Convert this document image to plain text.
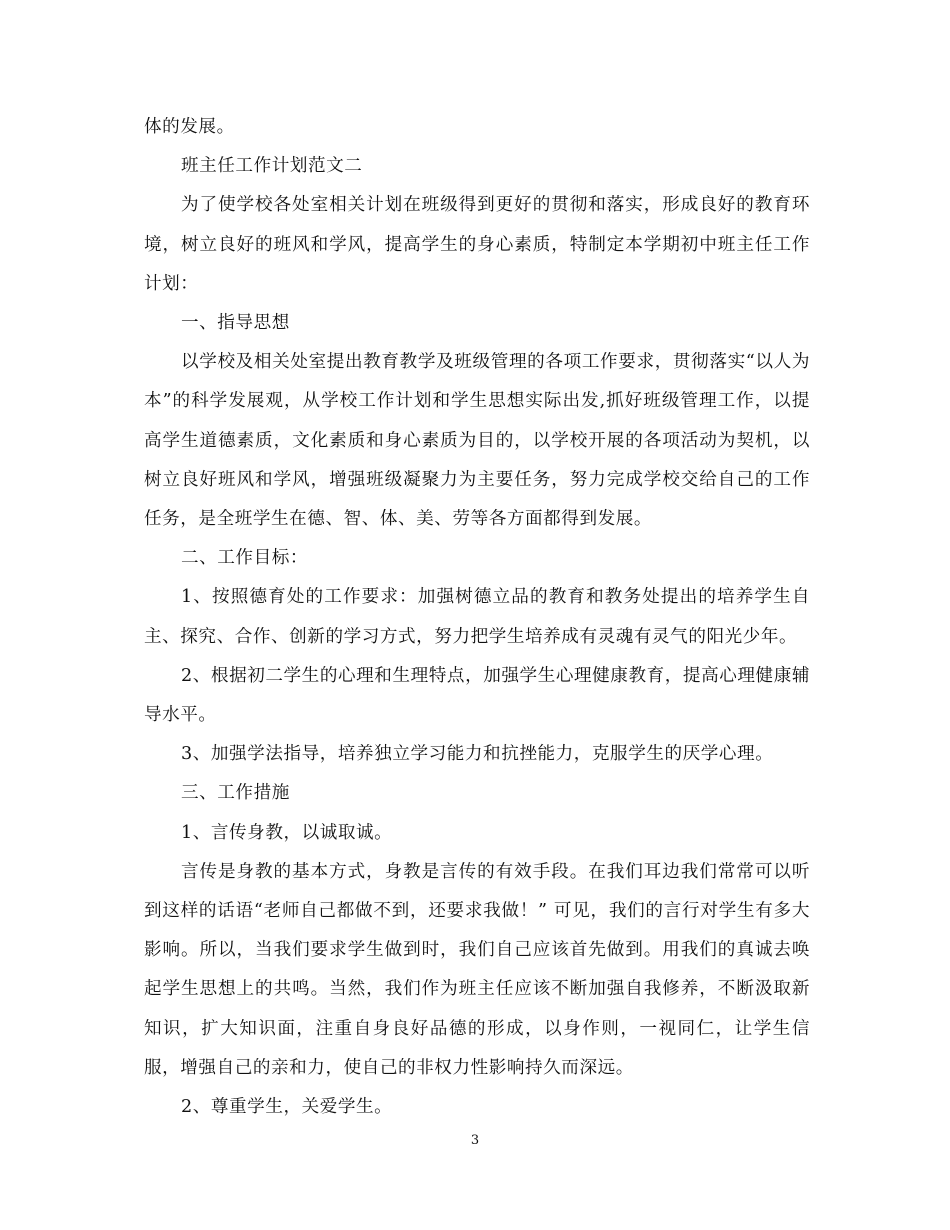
体的发展。

班主任工作计划范文二

为了使学校各处室相关计划在班级得到更好的贯彻和落实，形成良好的教育环境，树立良好的班风和学风，提高学生的身心素质，特制定本学期初中班主任工作计划：

一、指导思想

以学校及相关处室提出教育教学及班级管理的各项工作要求，贯彻落实“以人为本”的科学发展观，从学校工作计划和学生思想实际出发,抓好班级管理工作，以提高学生道德素质，文化素质和身心素质为目的，以学校开展的各项活动为契机，以树立良好班风和学风，增强班级凝聚力为主要任务，努力完成学校交给自己的工作任务，是全班学生在德、智、体、美、劳等各方面都得到发展。

二、工作目标：

1、按照德育处的工作要求：加强树德立品的教育和教务处提出的培养学生自主、探究、合作、创新的学习方式，努力把学生培养成有灵魂有灵气的阳光少年。

2、根据初二学生的心理和生理特点，加强学生心理健康教育，提高心理健康辅导水平。

3、加强学法指导，培养独立学习能力和抗挫能力，克服学生的厌学心理。

三、工作措施

1、言传身教，以诚取诚。

言传是身教的基本方式，身教是言传的有效手段。在我们耳边我们常常可以听到这样的话语“老师自己都做不到，还要求我做！” 可见，我们的言行对学生有多大影响。所以，当我们要求学生做到时，我们自己应该首先做到。用我们的真诚去唤起学生思想上的共鸣。当然，我们作为班主任应该不断加强自我修养，不断汲取新知识，扩大知识面，注重自身良好品德的形成，以身作则，一视同仁，让学生信服，增强自己的亲和力，使自己的非权力性影响持久而深远。

2、尊重学生，关爱学生。

3
